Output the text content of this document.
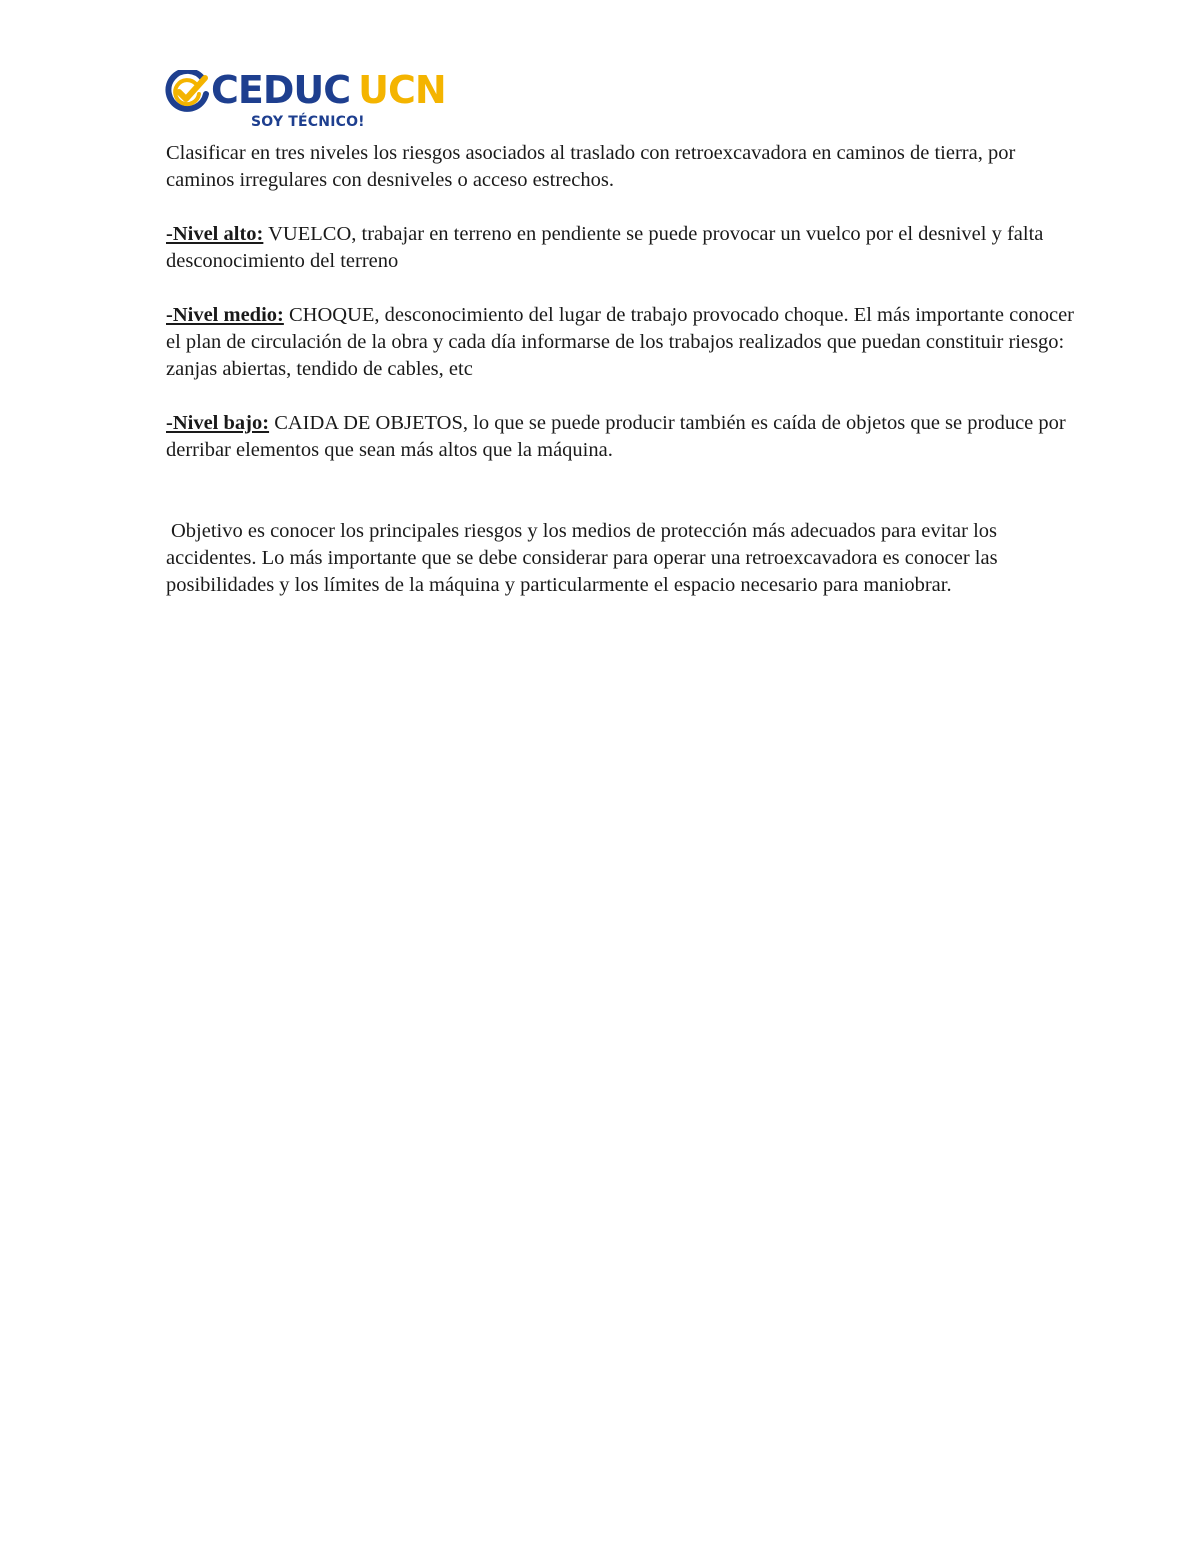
CEDUC UCN
SOY TÉCNICO!

Clasificar en tres niveles los riesgos asociados al traslado con retroexcavadora en caminos de tierra, por caminos irregulares con desniveles o acceso estrechos.

-Nivel alto: VUELCO, trabajar en terreno en pendiente se puede provocar un vuelco por el desnivel y falta desconocimiento del terreno

-Nivel medio: CHOQUE, desconocimiento del lugar de trabajo provocado choque. El más importante conocer el plan de circulación de la obra y cada día informarse de los trabajos realizados que puedan constituir riesgo: zanjas abiertas, tendido de cables, etc

-Nivel bajo: CAIDA DE OBJETOS, lo que se puede producir también es caída de objetos que se produce por derribar elementos que sean más altos que la máquina.

Objetivo es conocer los principales riesgos y los medios de protección más adecuados para evitar los accidentes. Lo más importante que se debe considerar para operar una retroexcavadora es conocer las posibilidades y los límites de la máquina y particularmente el espacio necesario para maniobrar.
